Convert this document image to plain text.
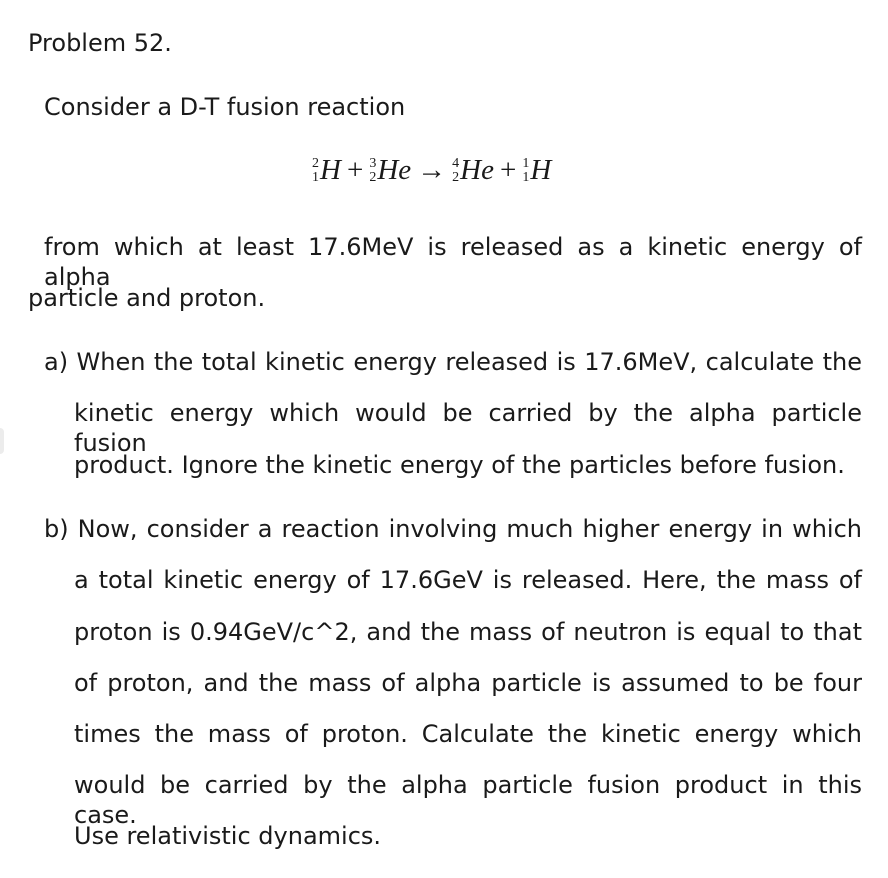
Problem 52.
Consider a D-T fusion reaction
2
1 H + 3
2 He → 4
2 He + 1
1 H
from which at least 17.6MeV is released as a kinetic energy of alpha
particle and proton.
a) When the total kinetic energy released is 17.6MeV, calculate the
kinetic energy which would be carried by the alpha particle fusion
product. Ignore the kinetic energy of the particles before fusion.
b) Now, consider a reaction involving much higher energy in which
a total kinetic energy of 17.6GeV is released. Here, the mass of
proton is 0.94GeV/c^2, and the mass of neutron is equal to that
of proton, and the mass of alpha particle is assumed to be four
times the mass of proton. Calculate the kinetic energy which
would be carried by the alpha particle fusion product in this case.
Use relativistic dynamics.
